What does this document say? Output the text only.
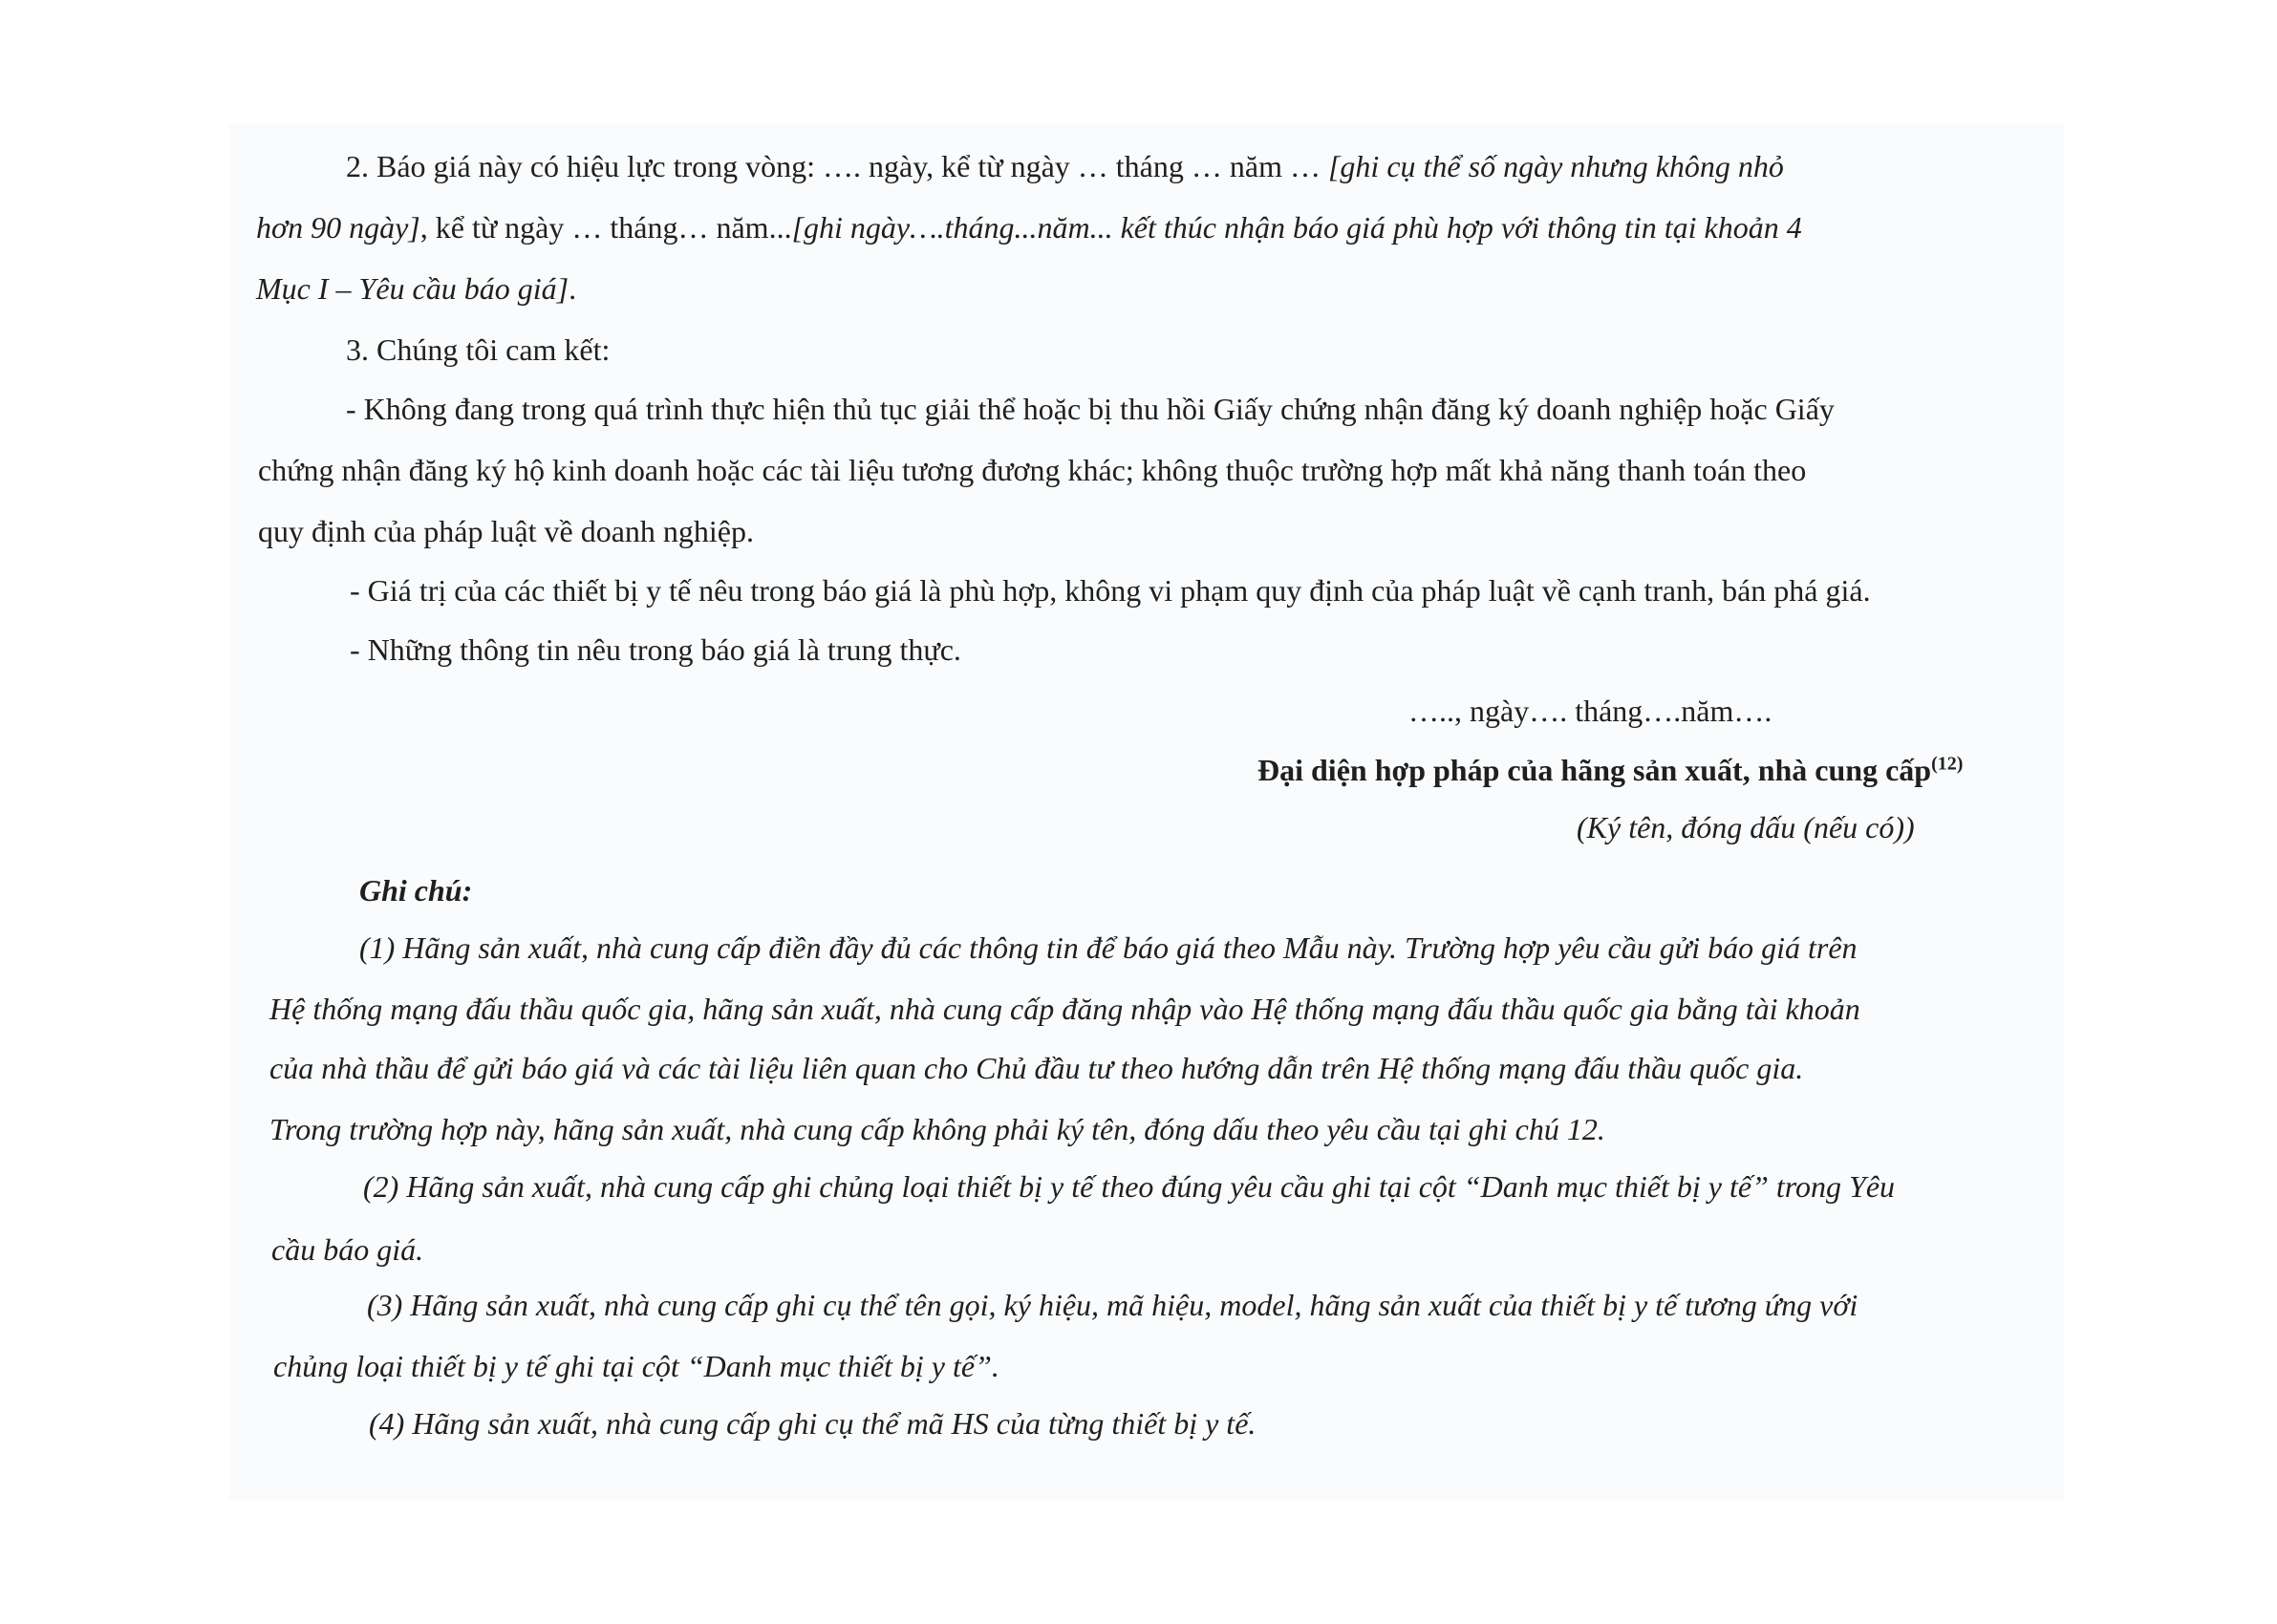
2. Báo giá này có hiệu lực trong vòng: …. ngày, kể từ ngày … tháng … năm … [ghi cụ thể số ngày nhưng không nhỏ
hơn 90 ngày], kể từ ngày … tháng… năm...[ghi ngày….tháng...năm... kết thúc nhận báo giá phù hợp với thông tin tại khoản 4
Mục I – Yêu cầu báo giá].
3. Chúng tôi cam kết:
- Không đang trong quá trình thực hiện thủ tục giải thể hoặc bị thu hồi Giấy chứng nhận đăng ký doanh nghiệp hoặc Giấy
chứng nhận đăng ký hộ kinh doanh hoặc các tài liệu tương đương khác; không thuộc trường hợp mất khả năng thanh toán theo
quy định của pháp luật về doanh nghiệp.
- Giá trị của các thiết bị y tế nêu trong báo giá là phù hợp, không vi phạm quy định của pháp luật về cạnh tranh, bán phá giá.
- Những thông tin nêu trong báo giá là trung thực.
….., ngày…. tháng….năm….
Đại diện hợp pháp của hãng sản xuất, nhà cung cấp$^{(12)}$
(Ký tên, đóng dấu (nếu có))
Ghi chú:
(1) Hãng sản xuất, nhà cung cấp điền đầy đủ các thông tin để báo giá theo Mẫu này. Trường hợp yêu cầu gửi báo giá trên
Hệ thống mạng đấu thầu quốc gia, hãng sản xuất, nhà cung cấp đăng nhập vào Hệ thống mạng đấu thầu quốc gia bằng tài khoản
của nhà thầu để gửi báo giá và các tài liệu liên quan cho Chủ đầu tư theo hướng dẫn trên Hệ thống mạng đấu thầu quốc gia.
Trong trường hợp này, hãng sản xuất, nhà cung cấp không phải ký tên, đóng dấu theo yêu cầu tại ghi chú 12.
(2) Hãng sản xuất, nhà cung cấp ghi chủng loại thiết bị y tế theo đúng yêu cầu ghi tại cột “Danh mục thiết bị y tế” trong Yêu
cầu báo giá.
(3) Hãng sản xuất, nhà cung cấp ghi cụ thể tên gọi, ký hiệu, mã hiệu, model, hãng sản xuất của thiết bị y tế tương ứng với
chủng loại thiết bị y tế ghi tại cột “Danh mục thiết bị y tế”.
(4) Hãng sản xuất, nhà cung cấp ghi cụ thể mã HS của từng thiết bị y tế.
